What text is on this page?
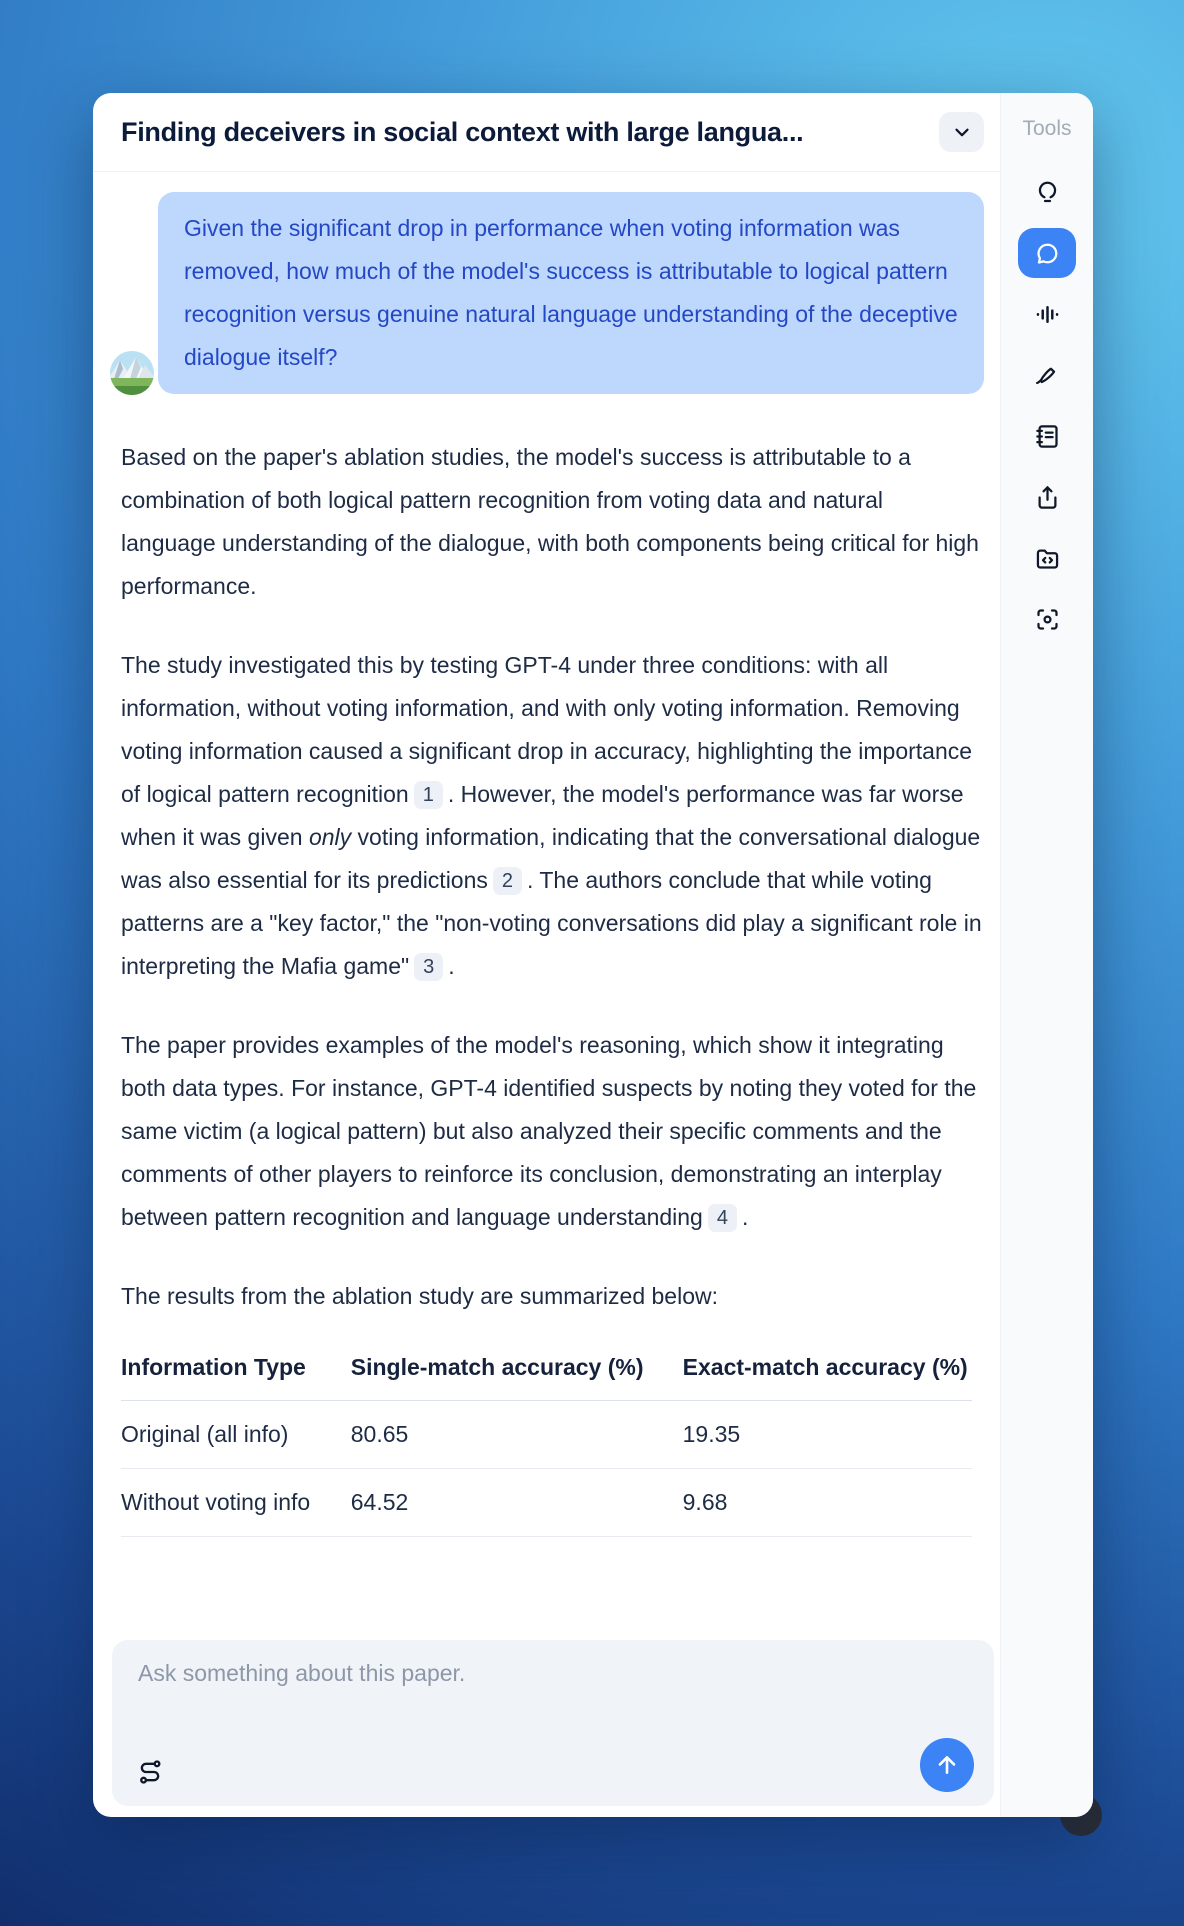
Finding deceivers in social context with large langua...
Given the significant drop in performance when voting information was removed, how much of the model's success is attributable to logical pattern recognition versus genuine natural language understanding of the deceptive dialogue itself?

Based on the paper's ablation studies, the model's success is attributable to a combination of both logical pattern recognition from voting data and natural language understanding of the dialogue, with both components being critical for high performance.

The study investigated this by testing GPT-4 under three conditions: with all information, without voting information, and with only voting information. Removing voting information caused a significant drop in accuracy, highlighting the importance of logical pattern recognition 1 . However, the model's performance was far worse when it was given only voting information, indicating that the conversational dialogue was also essential for its predictions 2 . The authors conclude that while voting patterns are a "key factor," the "non-voting conversations did play a significant role in interpreting the Mafia game" 3 .

The paper provides examples of the model's reasoning, which show it integrating both data types. For instance, GPT-4 identified suspects by noting they voted for the same victim (a logical pattern) but also analyzed their specific comments and the comments of other players to reinforce its conclusion, demonstrating an interplay between pattern recognition and language understanding 4 .

The results from the ablation study are summarized below:

Information Type	Single-match accuracy (%)	Exact-match accuracy (%)
Original (all info)	80.65	19.35
Without voting info	64.52	9.68
Ask something about this paper.
Tools
